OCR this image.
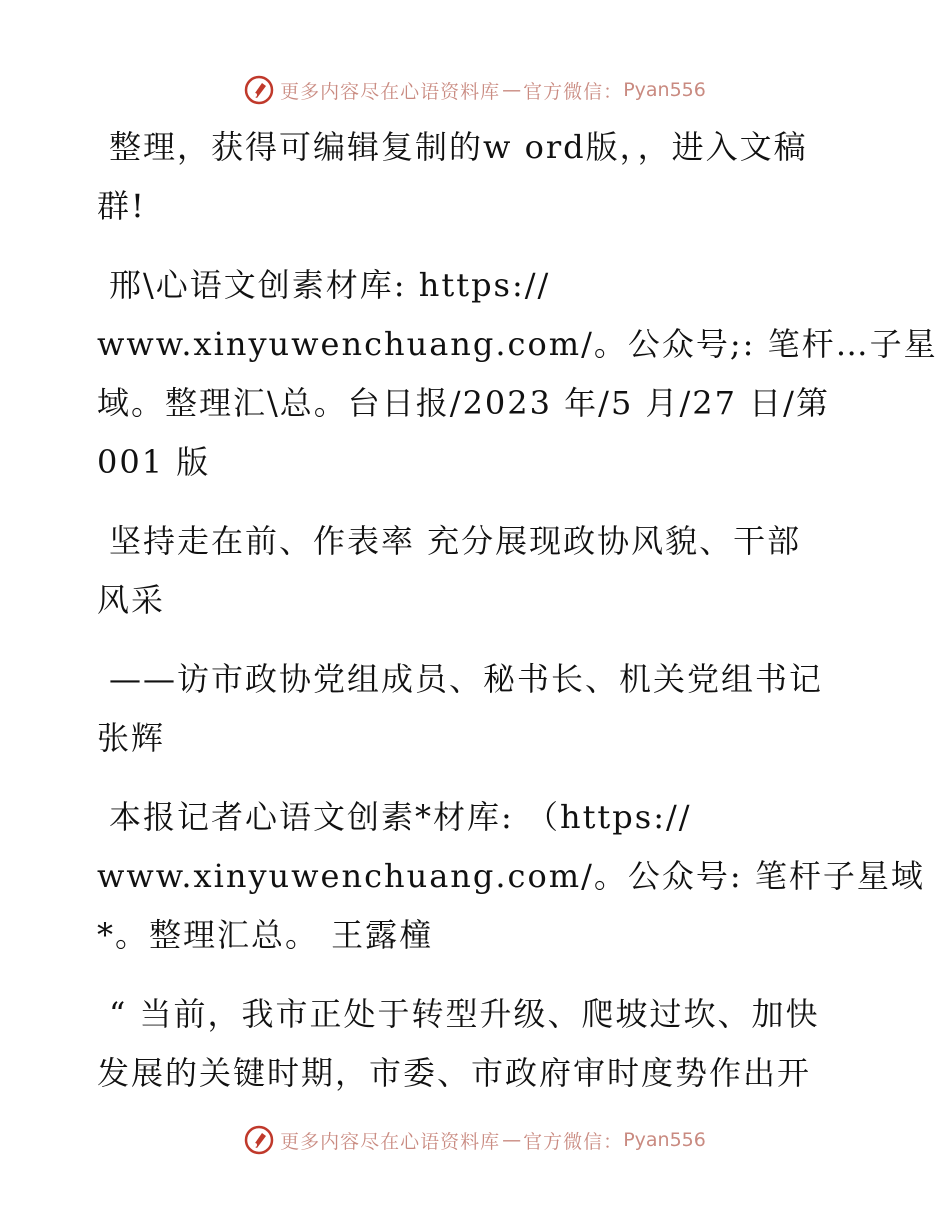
更多内容尽在心语资料库 — 官方微信： Pyan556

整理，获得可编辑复制的w ord版，，进入文稿
群!

邢\心语文创素材库: https://
www.xinyuwenchuang.com/。公众号;: 笔杆…子星
域。整理汇\总。台日报/2023 年/5 月/27 日/第
001 版

坚持走在前、作表率 充分展现政协风貌、干部
风采

——访市政协党组成员、秘书长、机关党组书记
张辉

本报记者心语文创素*材库: （https://
www.xinyuwenchuang.com/。公众号: 笔杆子星域
*。整理汇总。 王露橦

“ 当前，我市正处于转型升级、爬坡过坎、加快
发展的关键时期，市委、市政府审时度势作出开

更多内容尽在心语资料库 — 官方微信： Pyan556
